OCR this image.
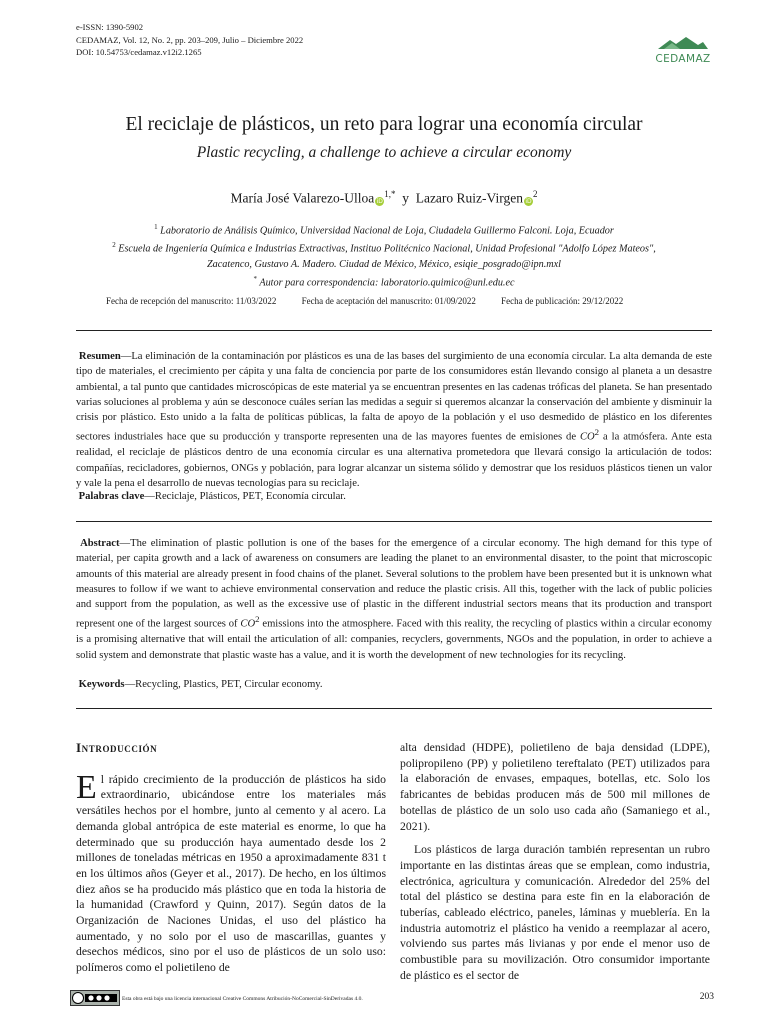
e-ISSN: 1390-5902
CEDAMAZ, Vol. 12, No. 2, pp. 203–209, Julio – Diciembre 2022
DOI: 10.54753/cedamaz.v12i2.1265
CEDAMAZ
El reciclaje de plásticos, un reto para lograr una economía circular
Plastic recycling, a challenge to achieve a circular economy
María José Valarezo-Ulloa $iD^{1,*}$ y Lazaro Ruiz-Virgen $iD^2$
$^1$ Laboratorio de Análisis Químico, Universidad Nacional de Loja, Ciudadela Guillermo Falconi. Loja, Ecuador
$^2$ Escuela de Ingeniería Química e Industrias Extractivas, Instituo Politécnico Nacional, Unidad Profesional "Adolfo López Mateos",
Zacatenco, Gustavo A. Madero. Ciudad de México, México, esiqie_posgrado@ipn.mxl
* Autor para correspondencia: laboratorio.quimico@unl.edu.ec
Fecha de recepción del manuscrito: 11/03/2022	Fecha de aceptación del manuscrito: 01/09/2022	Fecha de publicación: 29/12/2022
Resumen—La eliminación de la contaminación por plásticos es una de las bases del surgimiento de una economía circular. La alta demanda de este tipo de materiales, el crecimiento per cápita y una falta de conciencia por parte de los consumidores están llevando consigo al planeta a un desastre ambiental, a tal punto que cantidades microscópicas de este material ya se encuentran presentes en las cadenas tróficas del planeta. Se han presentado varias soluciones al problema y aún se desconoce cuáles serían las medidas a seguir si queremos alcanzar la conservación del ambiente y disminuir la crisis por plástico. Esto unido a la falta de políticas públicas, la falta de apoyo de la población y el uso desmedido de plástico en los diferentes sectores industriales hace que su producción y transporte representen una de las mayores fuentes de emisiones de $CO^2$ a la atmósfera. Ante esta realidad, el reciclaje de plásticos dentro de una economía circular es una alternativa prometedora que llevará consigo la articulación de todos: compañías, recicladores, gobiernos, ONGs y población, para lograr alcanzar un sistema sólido y demostrar que los residuos plásticos tienen un valor y vale la pena el desarrollo de nuevas tecnologías para su reciclaje.
Palabras clave—Reciclaje, Plásticos, PET, Economía circular.
Abstract—The elimination of plastic pollution is one of the bases for the emergence of a circular economy. The high demand for this type of material, per capita growth and a lack of awareness on consumers are leading the planet to an environmental disaster, to the point that microscopic amounts of this material are already present in food chains of the planet. Several solutions to the problem have been presented but it is unknown what measures to follow if we want to achieve environmental conservation and reduce the plastic crisis. All this, together with the lack of public policies and support from the population, as well as the excessive use of plastic in the different industrial sectors means that its production and transport represent one of the largest sources of $CO^2$ emissions into the atmosphere. Faced with this reality, the recycling of plastics within a circular economy is a promising alternative that will entail the articulation of all: companies, recyclers, governments, NGOs and the population, in order to achieve a solid system and demonstrate that plastic waste has a value, and it is worth the development of new technologies for its recycling.
Keywords—Recycling, Plastics, PET, Circular economy.
Introducción

El rápido crecimiento de la producción de plásticos ha sido extraordinario, ubicándose entre los materiales más versátiles hechos por el hombre, junto al cemento y al acero. La demanda global antrópica de este material es enorme, lo que ha determinado que su producción haya aumentado desde los 2 millones de toneladas métricas en 1950 a aproximadamente 831 t en los últimos años (Geyer et al., 2017). De hecho, en los últimos diez años se ha producido más plástico que en toda la historia de la humanidad (Crawford y Quinn, 2017). Según datos de la Organización de Naciones Unidas, el uso del plástico ha aumentado, y no solo por el uso de mascarillas, guantes y desechos médicos, sino por el uso de plásticos de un solo uso: polímeros como el polietileno de

alta densidad (HDPE), polietileno de baja densidad (LDPE), polipropileno (PP) y polietileno tereftalato (PET) utilizados para la elaboración de envases, empaques, botellas, etc. Solo los fabricantes de bebidas producen más de 500 mil millones de botellas de plástico de un solo uso cada año (Samaniego et al., 2021).

Los plásticos de larga duración también representan un rubro importante en las distintas áreas que se emplean, como industria, electrónica, agricultura y comunicación. Alrededor del 25% del total del plástico se destina para este fin en la elaboración de tuberías, cableado eléctrico, paneles, láminas y mueblería. En la industria automotriz el plástico ha venido a reemplazar al acero, volviendo sus partes más livianas y por ende el menor uso de combustible para su movilización. Otro consumidor importante de plástico es el sector de

Esta obra está bajo una licencia internacional Creative Commons Atribución-NoComercial-SinDerivadas 4.0.	203
